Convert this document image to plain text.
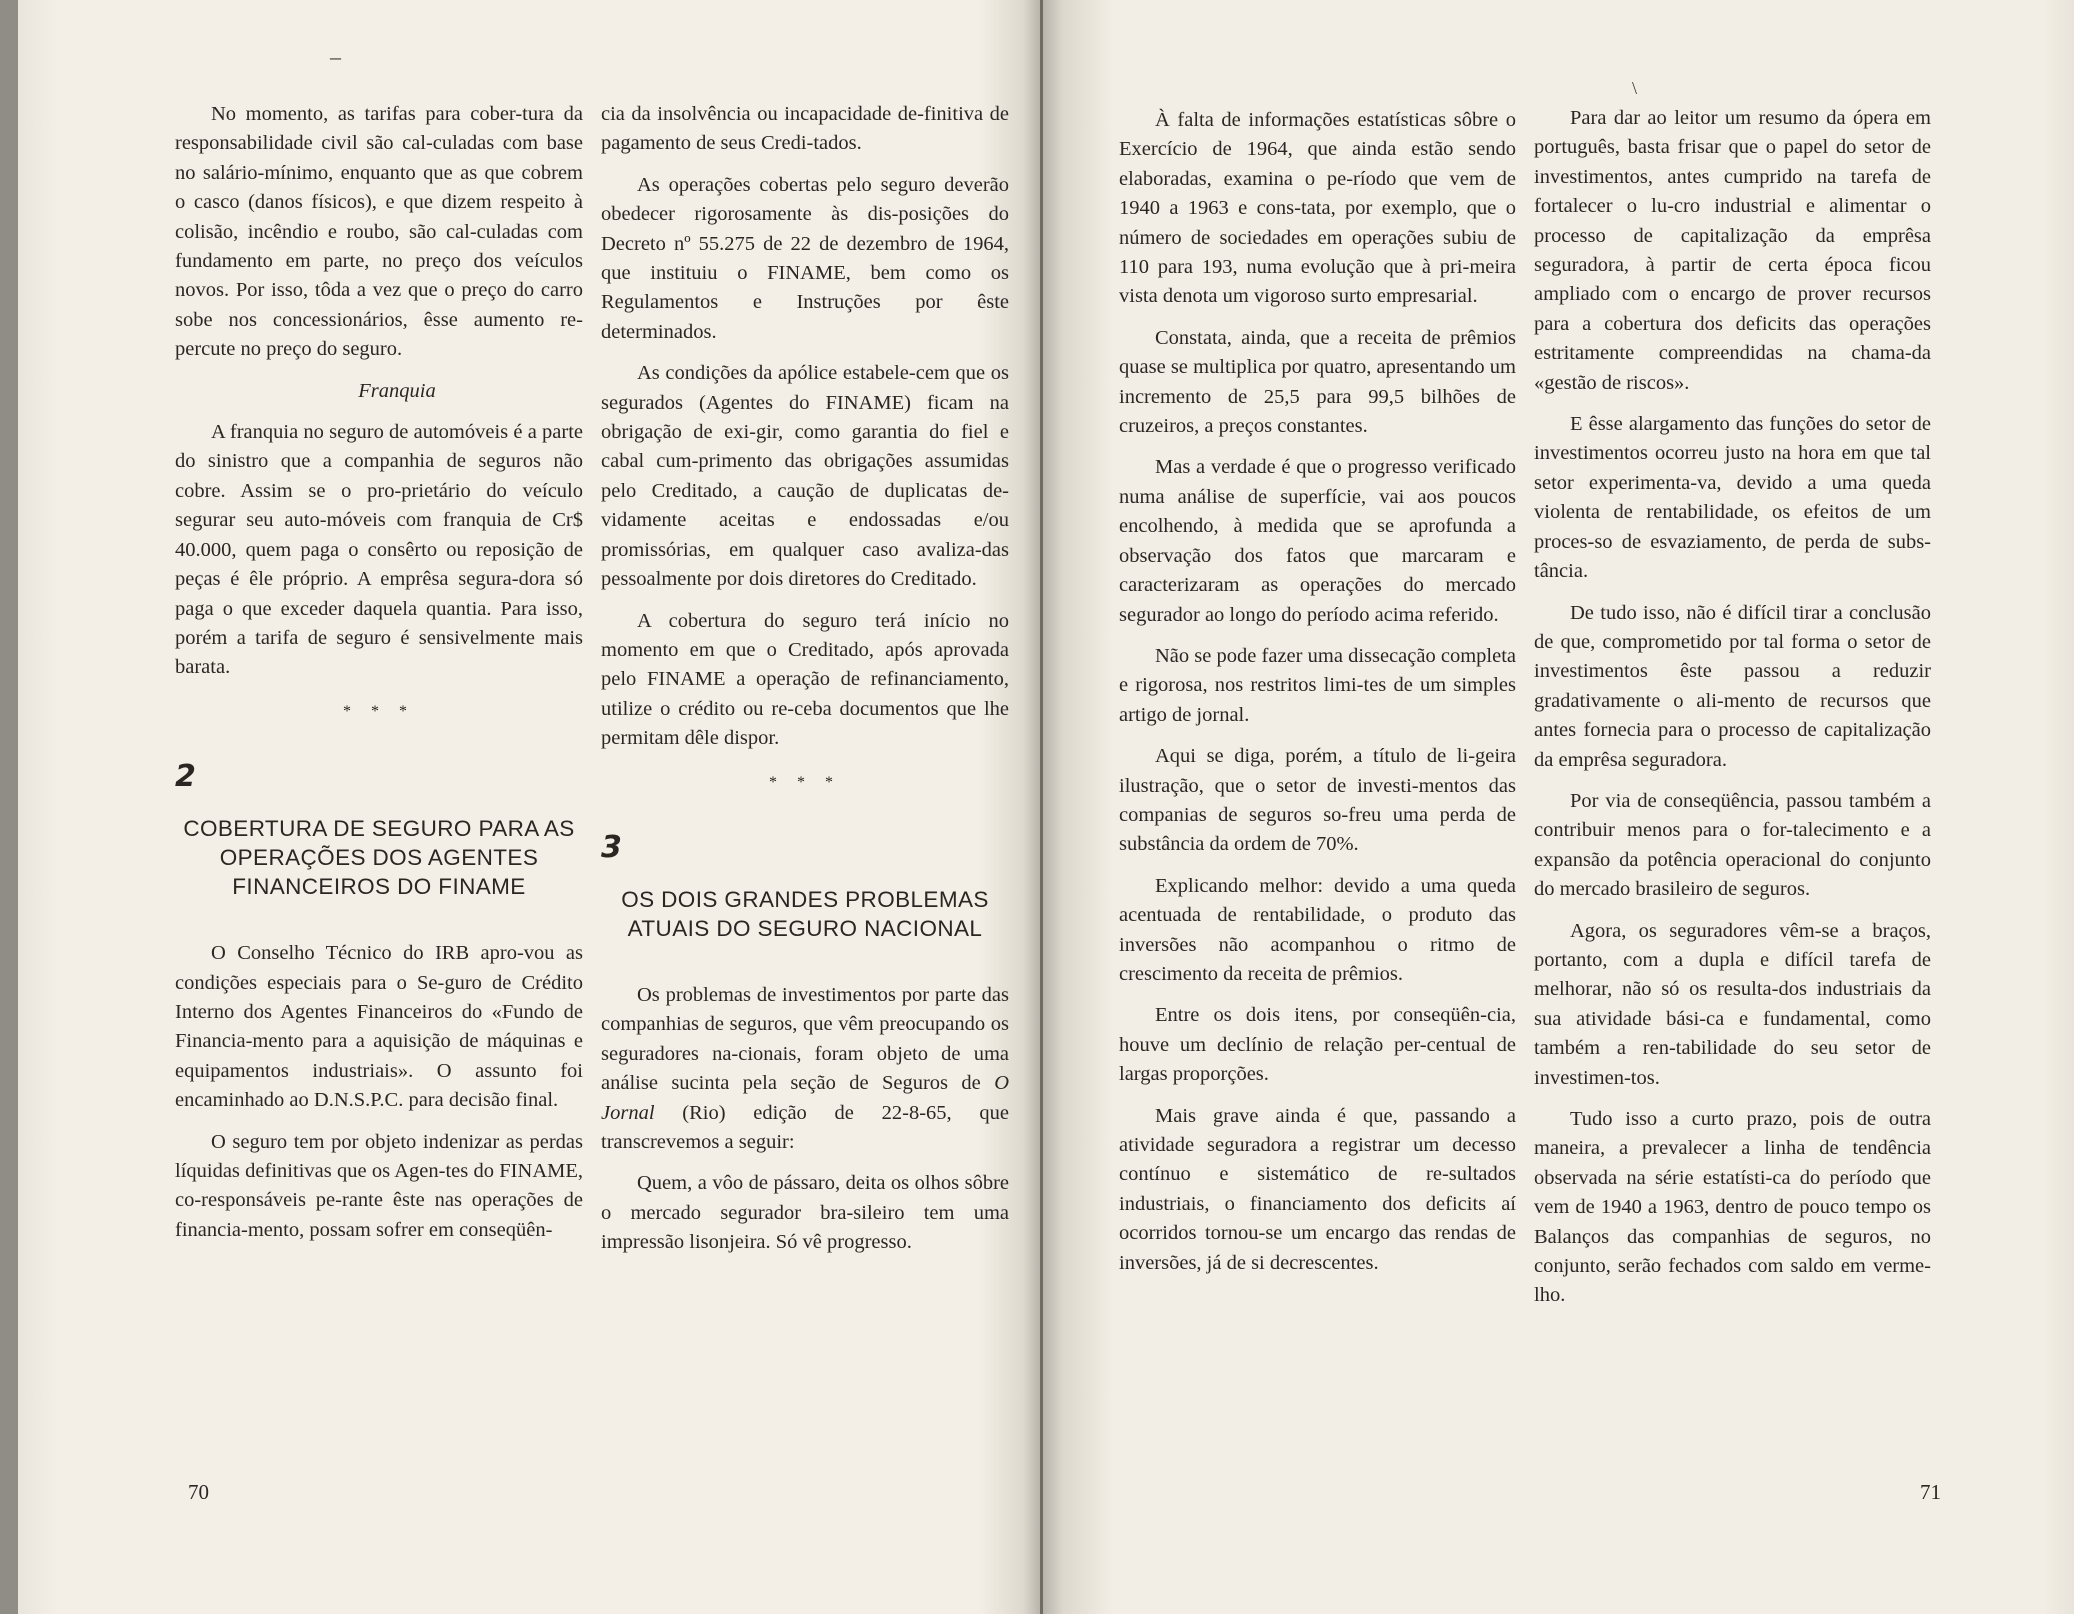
–
\

No momento, as tarifas para cober-tura da responsabilidade civil são cal-culadas com base no salário-mínimo, enquanto que as que cobrem o casco (danos físicos), e que dizem respeito à colisão, incêndio e roubo, são cal-culadas com fundamento em parte, no preço dos veículos novos. Por isso, tôda a vez que o preço do carro sobe nos concessionários, êsse aumento re-percute no preço do seguro.

Franquia

A franquia no seguro de automóveis é a parte do sinistro que a companhia de seguros não cobre. Assim se o pro-prietário do veículo segurar seu auto-móveis com franquia de Cr$ 40.000, quem paga o consêrto ou reposição de peças é êle próprio. A emprêsa segura-dora só paga o que exceder daquela quantia. Para isso, porém a tarifa de seguro é sensivelmente mais barata.

* * *
2
COBERTURA DE SEGURO PARA AS OPERAÇÕES DOS AGENTES FINANCEIROS DO FINAME

O Conselho Técnico do IRB apro-vou as condições especiais para o Se-guro de Crédito Interno dos Agentes Financeiros do «Fundo de Financia-mento para a aquisição de máquinas e equipamentos industriais». O assunto foi encaminhado ao D.N.S.P.C. para decisão final.

O seguro tem por objeto indenizar as perdas líquidas definitivas que os Agen-tes do FINAME, co-responsáveis pe-rante êste nas operações de financia-mento, possam sofrer em conseqüên-

cia da insolvência ou incapacidade de-finitiva de pagamento de seus Credi-tados.

As operações cobertas pelo seguro deverão obedecer rigorosamente às dis-posições do Decreto nº 55.275 de 22 de dezembro de 1964, que instituiu o FINAME, bem como os Regulamentos e Instruções por êste determinados.

As condições da apólice estabele-cem que os segurados (Agentes do FINAME) ficam na obrigação de exi-gir, como garantia do fiel e cabal cum-primento das obrigações assumidas pelo Creditado, a caução de duplicatas de-vidamente aceitas e endossadas e/ou promissórias, em qualquer caso avaliza-das pessoalmente por dois diretores do Creditado.

A cobertura do seguro terá início no momento em que o Creditado, após aprovada pelo FINAME a operação de refinanciamento, utilize o crédito ou re-ceba documentos que lhe permitam dêle dispor.

* * *
3
OS DOIS GRANDES PROBLEMAS ATUAIS DO SEGURO NACIONAL

Os problemas de investimentos por parte das companhias de seguros, que vêm preocupando os seguradores na-cionais, foram objeto de uma análise sucinta pela seção de Seguros de O Jornal (Rio) edição de 22-8-65, que transcrevemos a seguir:

Quem, a vôo de pássaro, deita os olhos sôbre o mercado segurador bra-sileiro tem uma impressão lisonjeira. Só vê progresso.

70

À falta de informações estatísticas sôbre o Exercício de 1964, que ainda estão sendo elaboradas, examina o pe-ríodo que vem de 1940 a 1963 e cons-tata, por exemplo, que o número de sociedades em operações subiu de 110 para 193, numa evolução que à pri-meira vista denota um vigoroso surto empresarial.

Constata, ainda, que a receita de prêmios quase se multiplica por quatro, apresentando um incremento de 25,5 para 99,5 bilhões de cruzeiros, a preços constantes.

Mas a verdade é que o progresso verificado numa análise de superfície, vai aos poucos encolhendo, à medida que se aprofunda a observação dos fatos que marcaram e caracterizaram as operações do mercado segurador ao longo do período acima referido.

Não se pode fazer uma dissecação completa e rigorosa, nos restritos limi-tes de um simples artigo de jornal.

Aqui se diga, porém, a título de li-geira ilustração, que o setor de investi-mentos das companias de seguros so-freu uma perda de substância da ordem de 70%.

Explicando melhor: devido a uma queda acentuada de rentabilidade, o produto das inversões não acompanhou o ritmo de crescimento da receita de prêmios.

Entre os dois itens, por conseqüên-cia, houve um declínio de relação per-centual de largas proporções.

Mais grave ainda é que, passando a atividade seguradora a registrar um decesso contínuo e sistemático de re-sultados industriais, o financiamento dos deficits aí ocorridos tornou-se um encargo das rendas de inversões, já de si decrescentes.

Para dar ao leitor um resumo da ópera em português, basta frisar que o papel do setor de investimentos, antes cumprido na tarefa de fortalecer o lu-cro industrial e alimentar o processo de capitalização da emprêsa seguradora, à partir de certa época ficou ampliado com o encargo de prover recursos para a cobertura dos deficits das operações estritamente compreendidas na chama-da «gestão de riscos».

E êsse alargamento das funções do setor de investimentos ocorreu justo na hora em que tal setor experimenta-va, devido a uma queda violenta de rentabilidade, os efeitos de um proces-so de esvaziamento, de perda de subs-tância.

De tudo isso, não é difícil tirar a conclusão de que, comprometido por tal forma o setor de investimentos êste passou a reduzir gradativamente o ali-mento de recursos que antes fornecia para o processo de capitalização da emprêsa seguradora.

Por via de conseqüência, passou também a contribuir menos para o for-talecimento e a expansão da potência operacional do conjunto do mercado brasileiro de seguros.

Agora, os seguradores vêm-se a braços, portanto, com a dupla e difícil tarefa de melhorar, não só os resulta-dos industriais da sua atividade bási-ca e fundamental, como também a ren-tabilidade do seu setor de investimen-tos.

Tudo isso a curto prazo, pois de outra maneira, a prevalecer a linha de tendência observada na série estatísti-ca do período que vem de 1940 a 1963, dentro de pouco tempo os Balanços das companhias de seguros, no conjunto, serão fechados com saldo em verme-lho.

71
